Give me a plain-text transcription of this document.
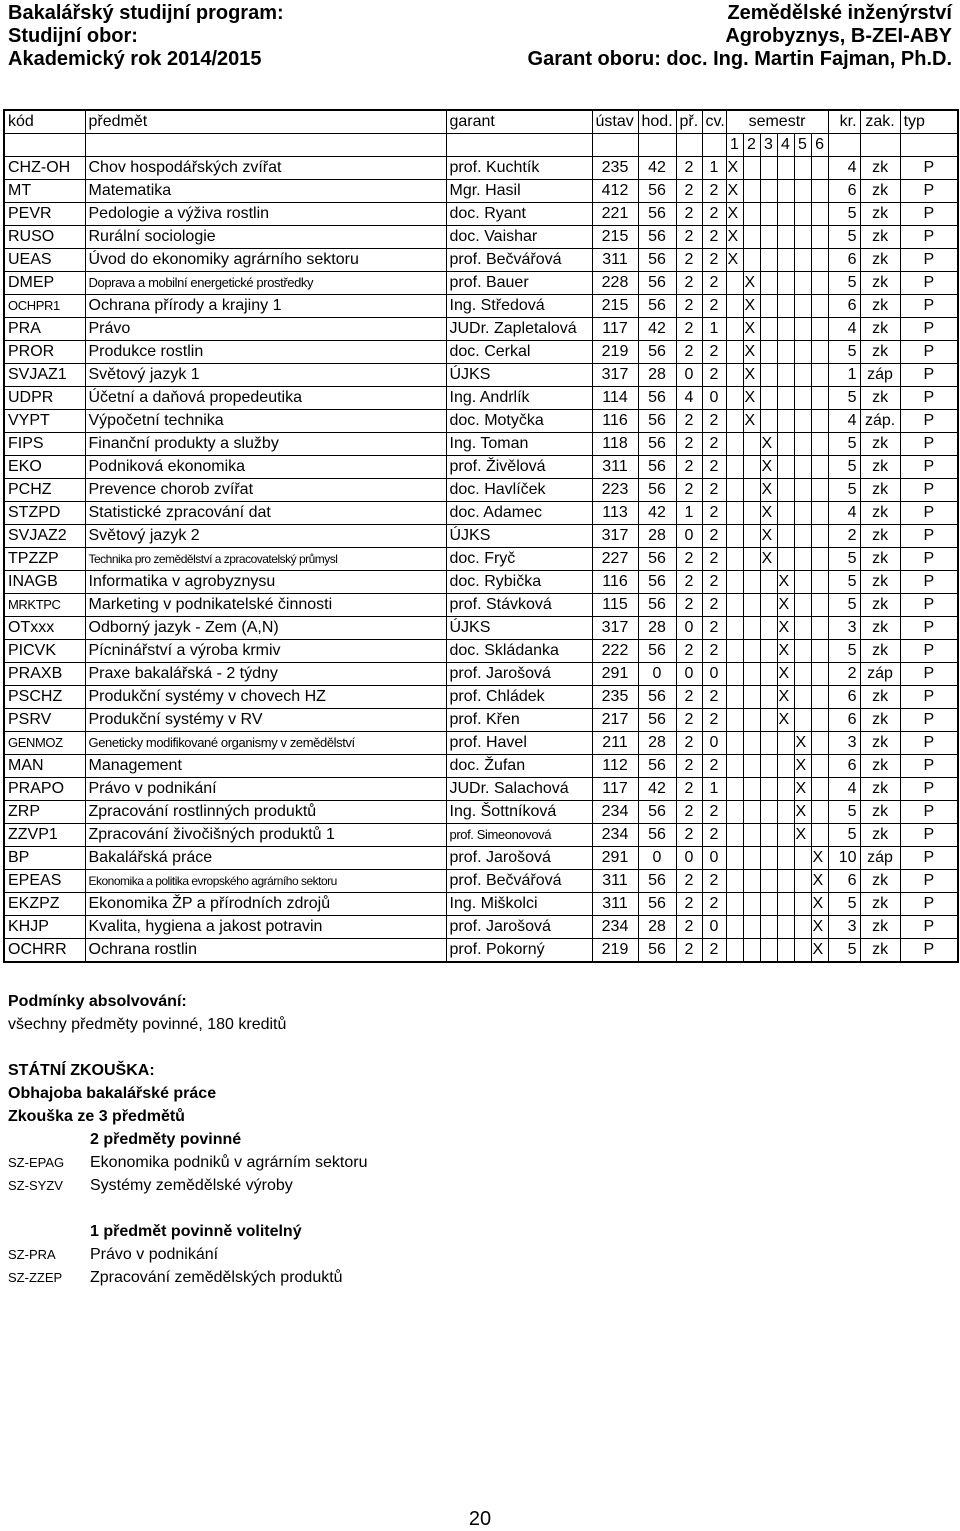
Bakalářský studijní program:
Studijní obor:
Akademický rok 2014/2015
Zemědělské inženýrství
Agrobyznys, B-ZEI-ABY
Garant oboru: doc. Ing. Martin Fajman, Ph.D.
kód	předmět	garant	ústav	hod.	př.	cv.	semestr						kr.	zak.	typ
							1	2	3	4	5	6			
CHZ-OH	Chov hospodářských zvířat	prof. Kuchtík	235	42	2	1	X						4	zk	P
MT	Matematika	Mgr. Hasil	412	56	2	2	X						6	zk	P
PEVR	Pedologie a výživa rostlin	doc. Ryant	221	56	2	2	X						5	zk	P
RUSO	Rurální sociologie	doc. Vaishar	215	56	2	2	X						5	zk	P
UEAS	Úvod do ekonomiky agrárního sektoru	prof. Bečvářová	311	56	2	2	X						6	zk	P
DMEP	Doprava a mobilní energetické prostředky	prof. Bauer	228	56	2	2		X					5	zk	P
OCHPR1	Ochrana přírody a krajiny 1	Ing. Středová	215	56	2	2		X					6	zk	P
PRA	Právo	JUDr. Zapletalová	117	42	2	1		X					4	zk	P
PROR	Produkce rostlin	doc. Cerkal	219	56	2	2		X					5	zk	P
SVJAZ1	Světový jazyk 1	ÚJKS	317	28	0	2		X					1	záp	P
UDPR	Účetní a daňová propedeutika	Ing. Andrlík	114	56	4	0		X					5	zk	P
VYPT	Výpočetní technika	doc. Motyčka	116	56	2	2		X					4	záp.	P
FIPS	Finanční produkty a služby	Ing. Toman	118	56	2	2			X				5	zk	P
EKO	Podniková ekonomika	prof. Živělová	311	56	2	2			X				5	zk	P
PCHZ	Prevence chorob zvířat	doc. Havlíček	223	56	2	2			X				5	zk	P
STZPD	Statistické zpracování dat	doc. Adamec	113	42	1	2			X				4	zk	P
SVJAZ2	Světový jazyk 2	ÚJKS	317	28	0	2			X				2	zk	P
TPZZP	Technika pro zemědělství a zpracovatelský průmysl	doc. Fryč	227	56	2	2			X				5	zk	P
INAGB	Informatika v agrobyznysu	doc. Rybička	116	56	2	2				X			5	zk	P
MRKTPC	Marketing v podnikatelské činnosti	prof. Stávková	115	56	2	2				X			5	zk	P
OTxxx	Odborný jazyk - Zem (A,N)	ÚJKS	317	28	0	2				X			3	zk	P
PICVK	Pícninářství a výroba krmiv	doc. Skládanka	222	56	2	2				X			5	zk	P
PRAXB	Praxe bakalářská - 2 týdny	prof. Jarošová	291	0	0	0				X			2	záp	P
PSCHZ	Produkční systémy v chovech HZ	prof. Chládek	235	56	2	2				X			6	zk	P
PSRV	Produkční systémy v RV	prof. Křen	217	56	2	2				X			6	zk	P
GENMOZ	Geneticky modifikované organismy v zemědělství	prof. Havel	211	28	2	0					X		3	zk	P
MAN	Management	doc. Žufan	112	56	2	2					X		6	zk	P
PRAPO	Právo v podnikání	JUDr. Salachová	117	42	2	1					X		4	zk	P
ZRP	Zpracování rostlinných produktů	Ing. Šottníková	234	56	2	2					X		5	zk	P
ZZVP1	Zpracování živočišných produktů 1	prof. Simeonovová	234	56	2	2					X		5	zk	P
BP	Bakalářská práce	prof. Jarošová	291	0	0	0						X	10	záp	P
EPEAS	Ekonomika a politika evropského agrárního sektoru	prof. Bečvářová	311	56	2	2						X	6	zk	P
EKZPZ	Ekonomika ŽP a přírodních zdrojů	Ing. Miškolci	311	56	2	2						X	5	zk	P
KHJP	Kvalita, hygiena a jakost potravin	prof. Jarošová	234	28	2	0						X	3	zk	P
OCHRR	Ochrana rostlin	prof. Pokorný	219	56	2	2						X	5	zk	P
Podmínky absolvování:
všechny předměty povinné, 180 kreditů
STÁTNÍ ZKOUŠKA:
Obhajoba bakalářské práce
Zkouška ze 3 předmětů
2 předměty povinné
SZ-EPAG Ekonomika podniků v agrárním sektoru
SZ-SYZV Systémy zemědělské výroby
1 předmět povinně volitelný
SZ-PRA Právo v podnikání
SZ-ZZEP Zpracování zemědělských produktů
20
